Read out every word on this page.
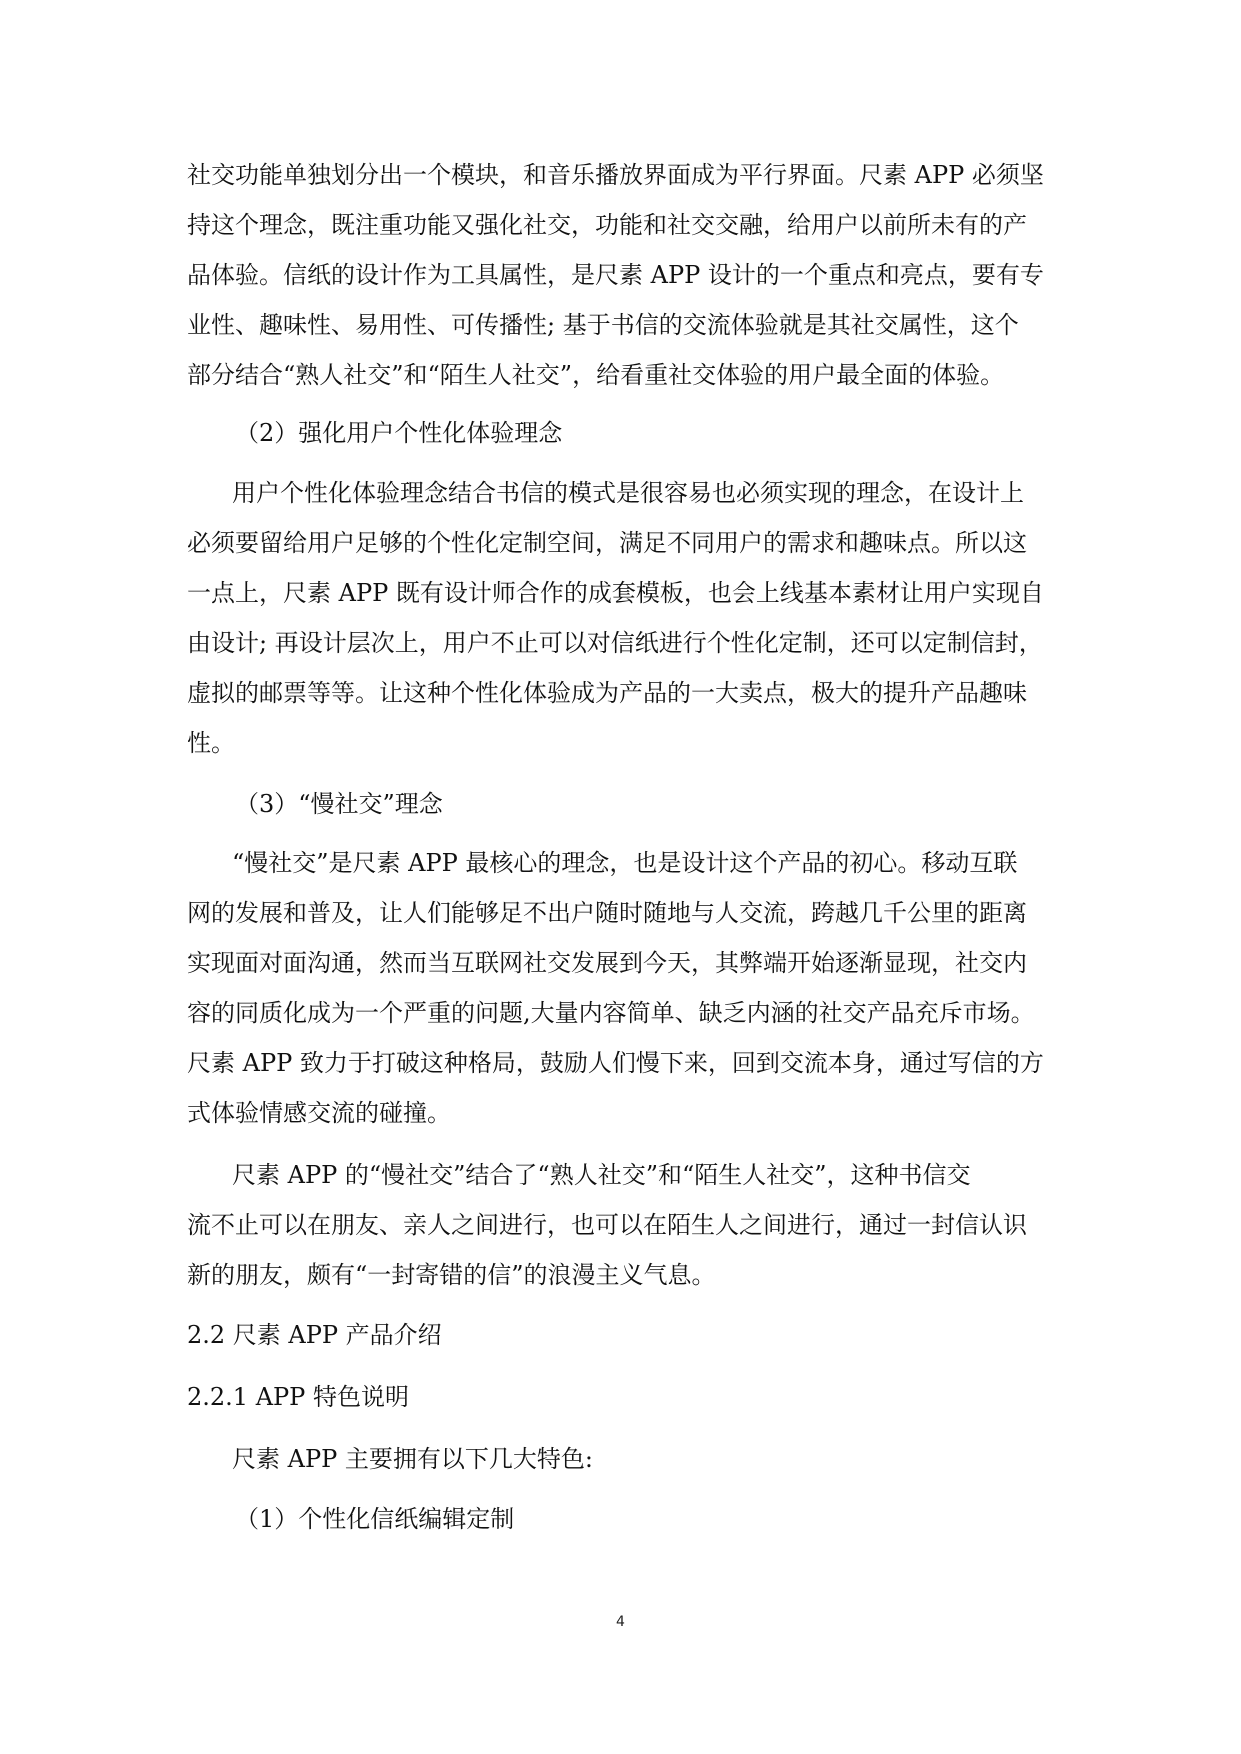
社交功能单独划分出一个模块，和音乐播放界面成为平行界面。尺素 APP 必须坚
持这个理念，既注重功能又强化社交，功能和社交交融，给用户以前所未有的产
品体验。信纸的设计作为工具属性，是尺素 APP 设计的一个重点和亮点，要有专
业性、趣味性、易用性、可传播性; 基于书信的交流体验就是其社交属性，这个
部分结合“熟人社交”和“陌生人社交”，给看重社交体验的用户最全面的体验。
（2）强化用户个性化体验理念
用户个性化体验理念结合书信的模式是很容易也必须实现的理念，在设计上
必须要留给用户足够的个性化定制空间，满足不同用户的需求和趣味点。所以这
一点上，尺素 APP 既有设计师合作的成套模板，也会上线基本素材让用户实现自
由设计; 再设计层次上，用户不止可以对信纸进行个性化定制，还可以定制信封，
虚拟的邮票等等。让这种个性化体验成为产品的一大卖点，极大的提升产品趣味
性。
（3）“慢社交”理念
“慢社交”是尺素 APP 最核心的理念，也是设计这个产品的初心。移动互联
网的发展和普及，让人们能够足不出户随时随地与人交流，跨越几千公里的距离
实现面对面沟通，然而当互联网社交发展到今天，其弊端开始逐渐显现，社交内
容的同质化成为一个严重的问题,大量内容简单、缺乏内涵的社交产品充斥市场。
尺素 APP 致力于打破这种格局，鼓励人们慢下来，回到交流本身，通过写信的方
式体验情感交流的碰撞。
尺素 APP 的“慢社交”结合了“熟人社交”和“陌生人社交”，这种书信交
流不止可以在朋友、亲人之间进行，也可以在陌生人之间进行，通过一封信认识
新的朋友，颇有“一封寄错的信”的浪漫主义气息。
2.2 尺素 APP 产品介绍
2.2.1 APP 特色说明
尺素 APP 主要拥有以下几大特色:
（1）个性化信纸编辑定制
4
